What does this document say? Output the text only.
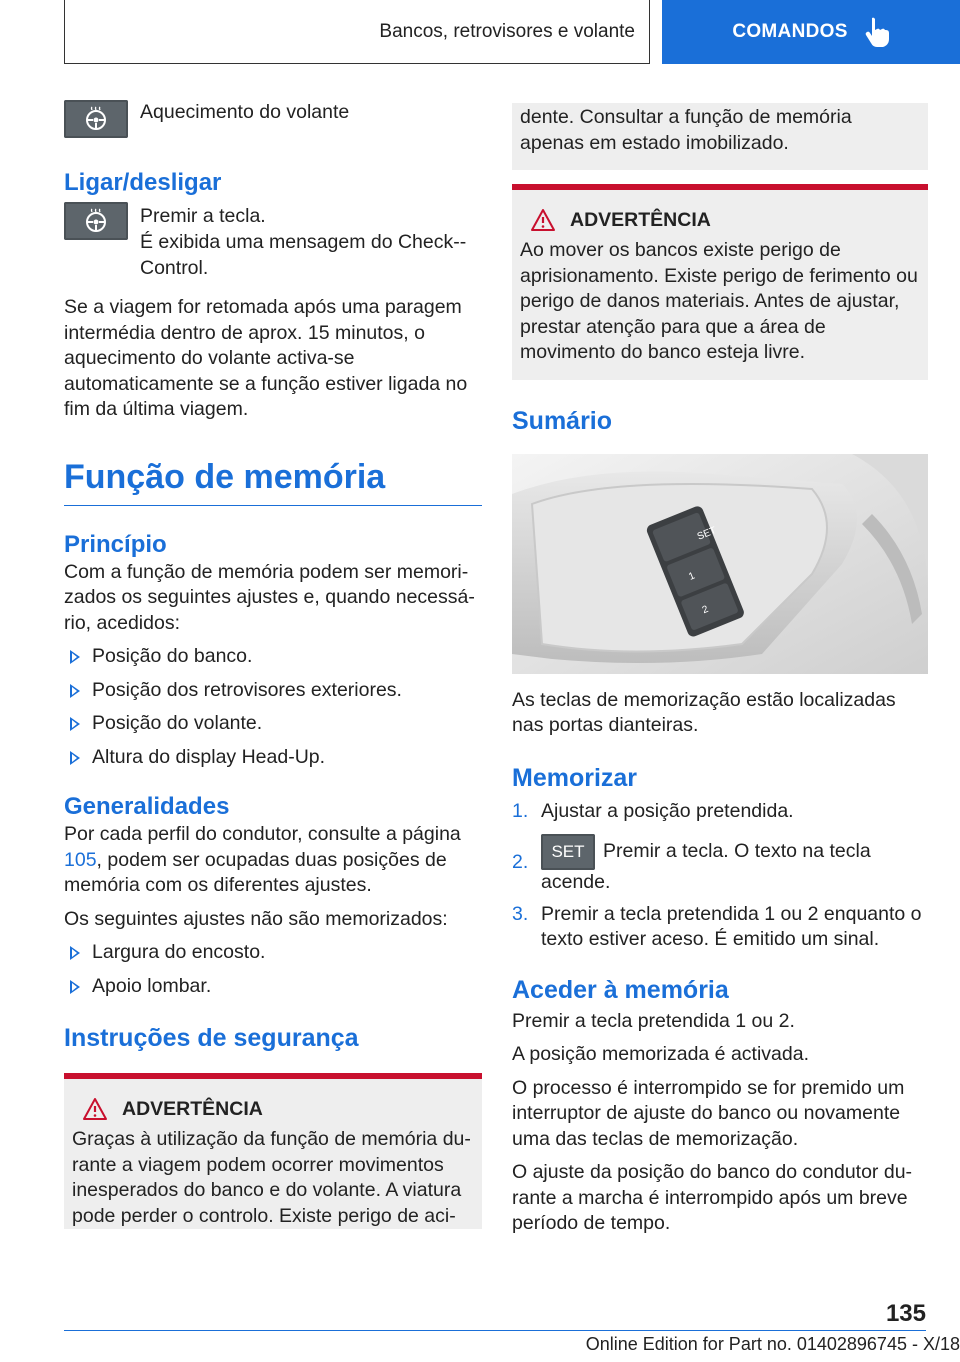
Bancos, retrovisores e volante	COMANDOS

Aquecimento do volante

Ligar/desligar

Premir a tecla.

É exibida uma mensagem do Check--Control.

Se a viagem for retomada após uma paragem intermédia dentro de aprox. 15 minutos, o aquecimento do volante activa-se automaticamente se a função estiver ligada no fim da última viagem.

Função de memória
Princípio

Com a função de memória podem ser memorizados os seguintes ajustes e, quando necessário, acedidos:

Posição do banco.
Posição dos retrovisores exteriores.
Posição do volante.
Altura do display Head-Up.
Generalidades

Por cada perfil do condutor, consulte a página 105, podem ser ocupadas duas posições de memória com os diferentes ajustes.

Os seguintes ajustes não são memorizados:

Largura do encosto.
Apoio lombar.
Instruções de segurança
ADVERTÊNCIA

Graças à utilização da função de memória durante a viagem podem ocorrer movimentos inesperados do banco e do volante. A viatura pode perder o controlo. Existe perigo de aci-

dente. Consultar a função de memória apenas em estado imobilizado.

ADVERTÊNCIA

Ao mover os bancos existe perigo de aprisionamento. Existe perigo de ferimento ou perigo de danos materiais. Antes de ajustar, prestar atenção para que a área de movimento do banco esteja livre.

Sumário
SET
1
2

As teclas de memorização estão localizadas nas portas dianteiras.

Memorizar
1. Ajustar a posição pretendida.
2. SET Premir a tecla. O texto na tecla acende.
3. Premir a tecla pretendida 1 ou 2 enquanto o texto estiver aceso. É emitido um sinal.
Aceder à memória

Premir a tecla pretendida 1 ou 2.

A posição memorizada é activada.

O processo é interrompido se for premido um interruptor de ajuste do banco ou novamente uma das teclas de memorização.

O ajuste da posição do banco do condutor durante a marcha é interrompido após um breve período de tempo.

135
Online Edition for Part no. 01402896745 - X/18
